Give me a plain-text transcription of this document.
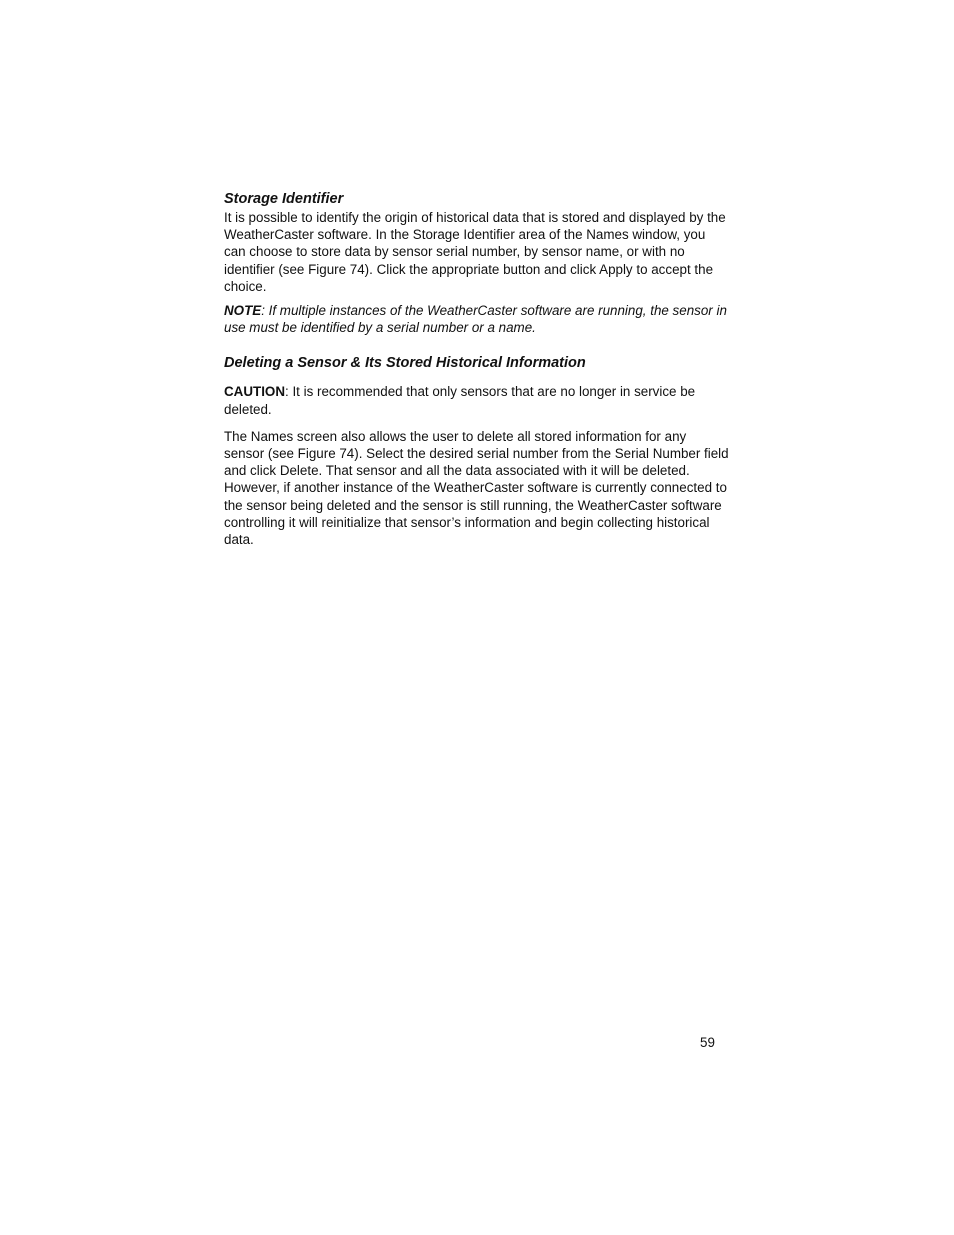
Storage Identifier

It is possible to identify the origin of historical data that is stored and displayed by the WeatherCaster software. In the Storage Identifier area of the Names window, you can choose to store data by sensor serial number, by sensor name, or with no identifier (see Figure 74). Click the appropriate button and click Apply to accept the choice.

NOTE: If multiple instances of the WeatherCaster software are running, the sensor in use must be identified by a serial number or a name.

Deleting a Sensor & Its Stored Historical Information

CAUTION: It is recommended that only sensors that are no longer in service be deleted.

The Names screen also allows the user to delete all stored information for any sensor (see Figure 74). Select the desired serial number from the Serial Number field and click Delete. That sensor and all the data associated with it will be deleted. However, if another instance of the WeatherCaster software is currently connected to the sensor being deleted and the sensor is still running, the WeatherCaster software controlling it will reinitialize that sensor’s information and begin collecting historical data.

59
